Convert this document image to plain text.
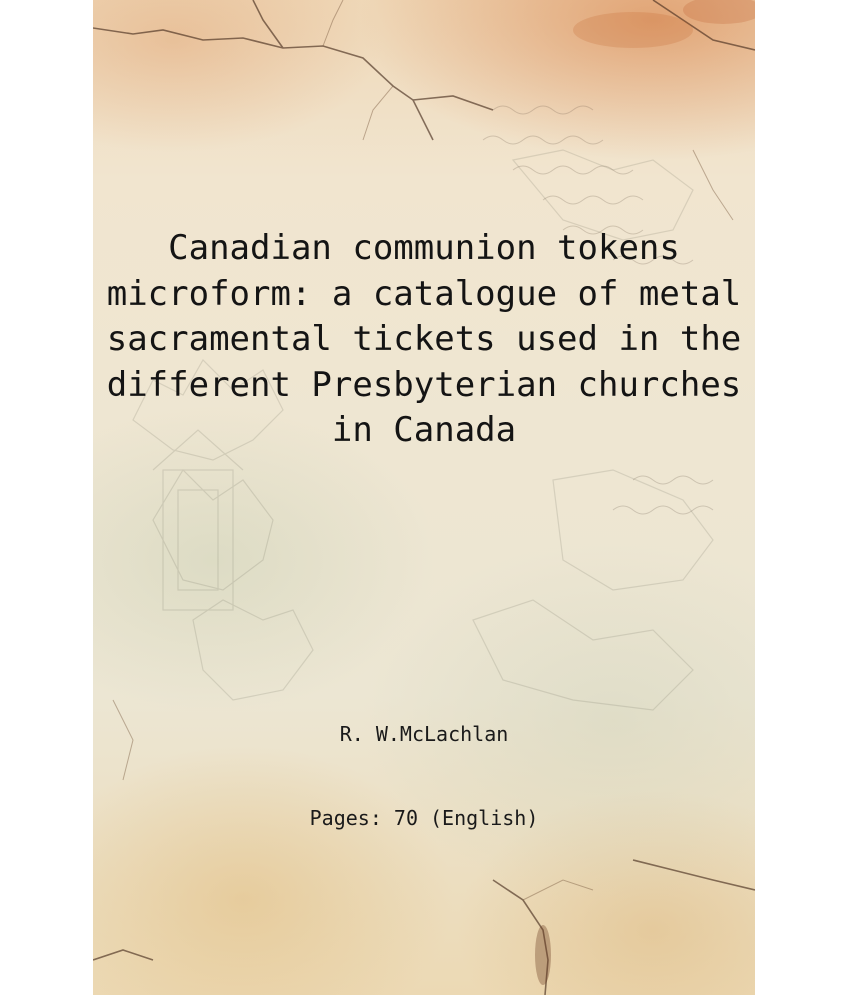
Canadian communion tokens microform: a catalogue of metal sacramental tickets used in the different Presbyterian churches in Canada
R. W.McLachlan
Pages: 70 (English)
